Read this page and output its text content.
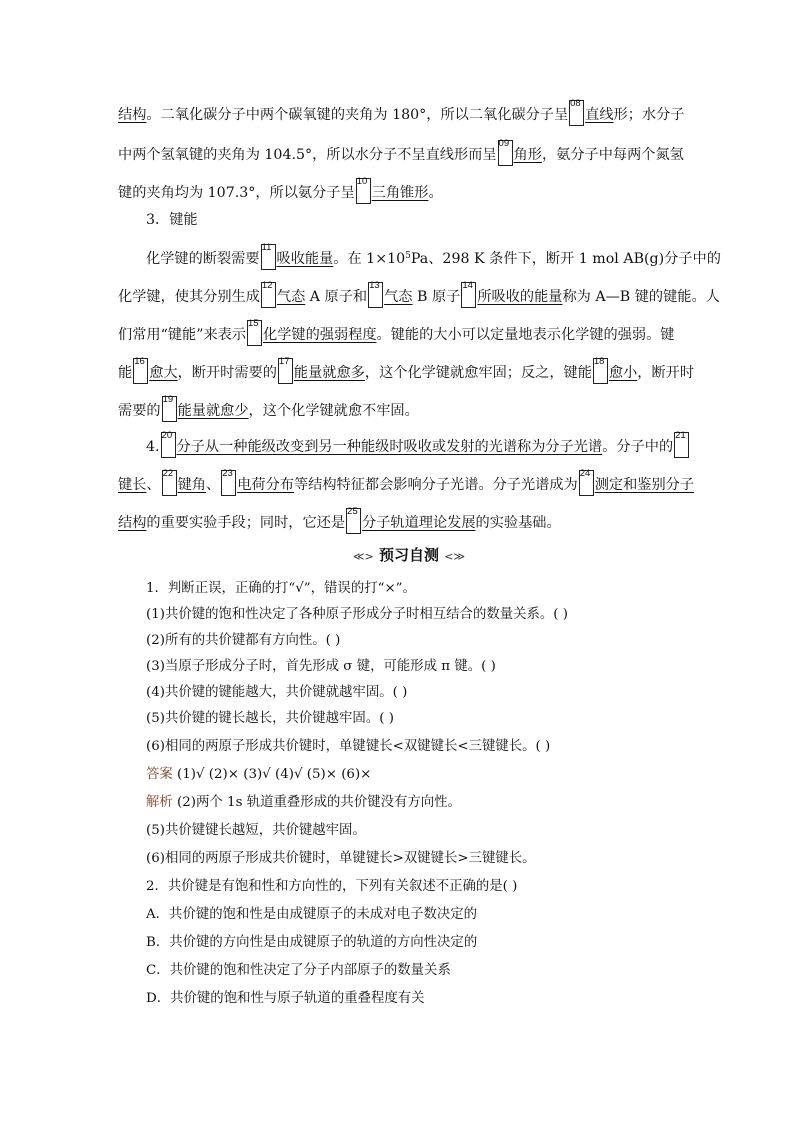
结构。二氧化碳分子中两个碳氧键的夹角为 180°，所以二氧化碳分子呈
08
直线形；水分子
中两个氢氧键的夹角为 104.5°，所以水分子不呈直线形而呈
09
角形，氨分子中每两个氮氢
键的夹角均为 107.3°，所以氨分子呈
10
三角锥形。
3．键能
化学键的断裂需要
11
吸收能量。在 $1\times 10^5Pa$、298 K 条件下，断开 1 mol AB(g)分子中的
化学键，使其分别生成
12
气态 A 原子和
13
气态 B 原子
14
所吸收的能量称为 A—B 键的键能。人
们常用“键能”来表示
15
化学键的强弱程度。键能的大小可以定量地表示化学键的强弱。键
能
16
愈大，断开时需要的
17
能量就愈多，这个化学键就愈牢固；反之，键能
18
愈小，断开时
需要的
19
能量就愈少，这个化学键就愈不牢固。
4.
20
分子从一种能级改变到另一种能级时吸收或发射的光谱称为分子光谱。分子中的
21
键长、
22
键角、
23
电荷分布等结构特征都会影响分子光谱。分子光谱成为
24
测定和鉴别分子
结构的重要实验手段；同时，它还是
25
分子轨道理论发展的实验基础。
≪> 预习自测 <≫
1．判断正误，正确的打“√”，错误的打“×”。
(1)共价键的饱和性决定了各种原子形成分子时相互结合的数量关系。( )
(2)所有的共价键都有方向性。( )
(3)当原子形成分子时，首先形成 σ 键，可能形成 π 键。( )
(4)共价键的键能越大，共价键就越牢固。( )
(5)共价键的键长越长，共价键越牢固。( )
(6)相同的两原子形成共价键时，单键键长<双键键长<三键键长。( )
答案 (1)√ (2)× (3)√ (4)√ (5)× (6)×
解析 (2)两个 1s 轨道重叠形成的共价键没有方向性。
(5)共价键键长越短，共价键越牢固。
(6)相同的两原子形成共价键时，单键键长>双键键长>三键键长。
2．共价键是有饱和性和方向性的，下列有关叙述不正确的是( )
A．共价键的饱和性是由成键原子的未成对电子数决定的
B．共价键的方向性是由成键原子的轨道的方向性决定的
C．共价键的饱和性决定了分子内部原子的数量关系
D．共价键的饱和性与原子轨道的重叠程度有关
